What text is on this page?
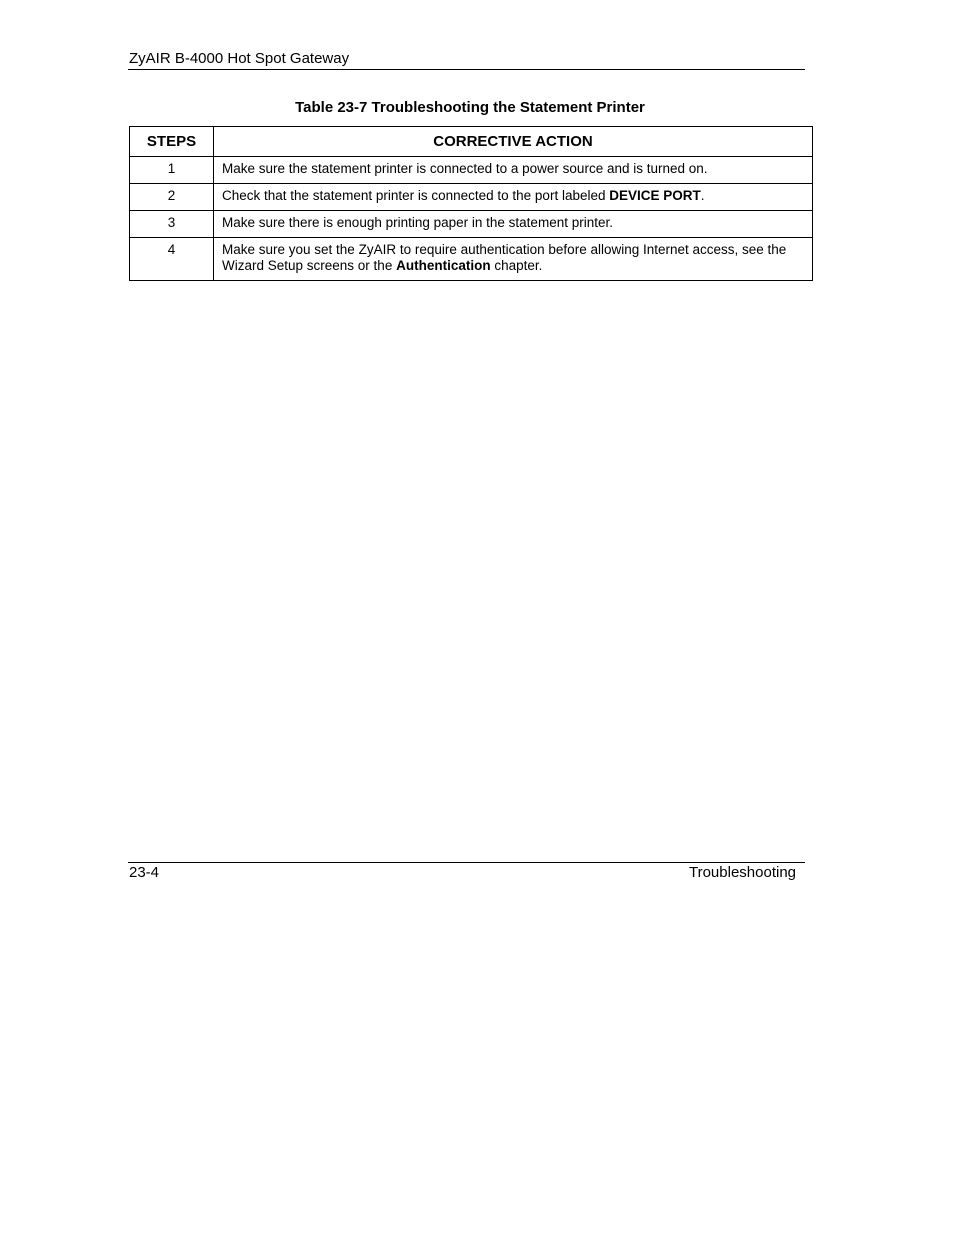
ZyAIR B-4000 Hot Spot Gateway
Table 23-7 Troubleshooting the Statement Printer
STEPS	CORRECTIVE ACTION
1	Make sure the statement printer is connected to a power source and is turned on.
2	Check that the statement printer is connected to the port labeled DEVICE PORT.
3	Make sure there is enough printing paper in the statement printer.
4	Make sure you set the ZyAIR to require authentication before allowing Internet access, see the Wizard Setup screens or the Authentication chapter.
23-4	Troubleshooting
